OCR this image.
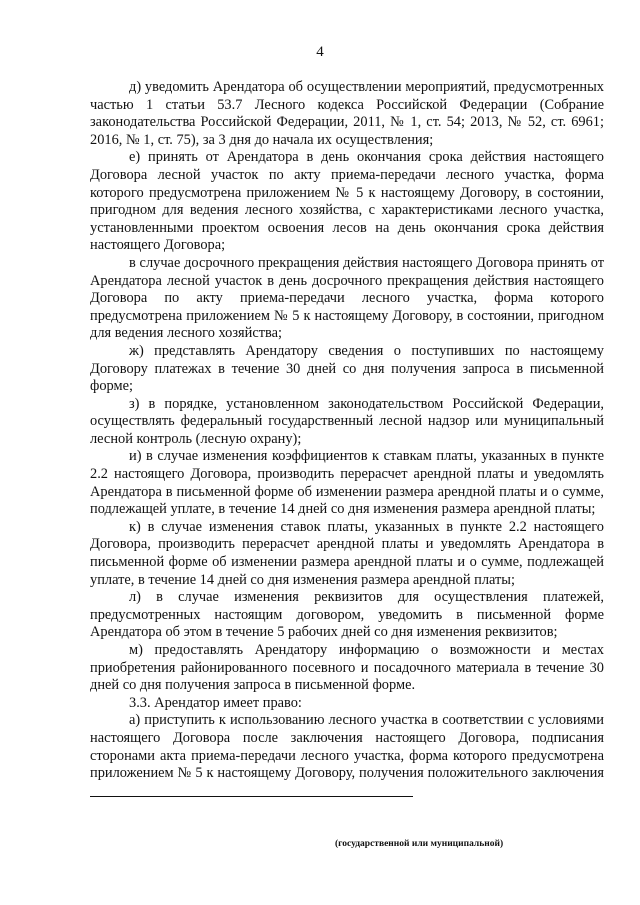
4

д) уведомить Арендатора об осуществлении мероприятий, предусмотренных частью 1 статьи 53.7 Лесного кодекса Российской Федерации (Собрание законодательства Российской Федерации, 2011, № 1, ст. 54; 2013, № 52, ст. 6961; 2016, № 1, ст. 75), за 3 дня до начала их осуществления;

е) принять от Арендатора в день окончания срока действия настоящего Договора лесной участок по акту приема-передачи лесного участка, форма которого предусмотрена приложением № 5 к настоящему Договору, в состоянии, пригодном для ведения лесного хозяйства, с характеристиками лесного участка, установленными проектом освоения лесов на день окончания срока действия настоящего Договора;

в случае досрочного прекращения действия настоящего Договора принять от Арендатора лесной участок в день досрочного прекращения действия настоящего Договора по акту приема-передачи лесного участка, форма которого предусмотрена приложением № 5 к настоящему Договору, в состоянии, пригодном для ведения лесного хозяйства;

ж) представлять Арендатору сведения о поступивших по настоящему Договору платежах в течение 30 дней со дня получения запроса в письменной форме;

з) в порядке, установленном законодательством Российской Федерации, осуществлять федеральный государственный лесной надзор или муниципальный лесной контроль (лесную охрану);

и) в случае изменения коэффициентов к ставкам платы, указанных в пункте 2.2 настоящего Договора, производить перерасчет арендной платы и уведомлять Арендатора в письменной форме об изменении размера арендной платы и о сумме, подлежащей уплате, в течение 14 дней со дня изменения размера арендной платы;

к) в случае изменения ставок платы, указанных в пункте 2.2 настоящего Договора, производить перерасчет арендной платы и уведомлять Арендатора в письменной форме об изменении размера арендной платы и о сумме, подлежащей уплате, в течение 14 дней со дня изменения размера арендной платы;

л) в случае изменения реквизитов для осуществления платежей, предусмотренных настоящим договором, уведомить в письменной форме Арендатора об этом в течение 5 рабочих дней со дня изменения реквизитов;

м) предоставлять Арендатору информацию о возможности и местах приобретения районированного посевного и посадочного материала в течение 30 дней со дня получения запроса в письменной форме.

3.3. Арендатор имеет право:

а) приступить к использованию лесного участка в соответствии с условиями настоящего Договора после заключения настоящего Договора, подписания сторонами акта приема-передачи лесного участка, форма которого предусмотрена приложением № 5 к настоящему Договору, получения положительного заключения

(государственной или муниципальной)
